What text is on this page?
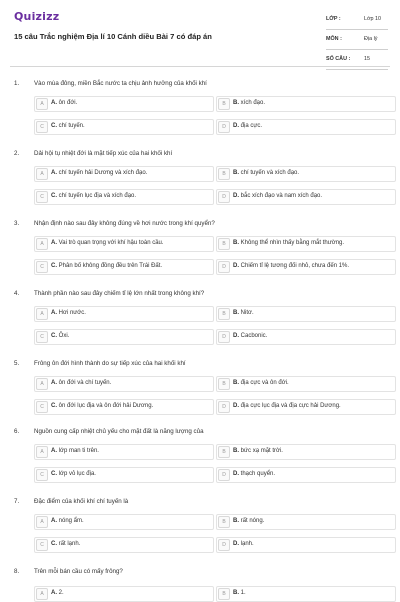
Quizizz
15 câu Trắc nghiệm Địa lí 10 Cánh diều Bài 7 có đáp án
LỚP :	Lớp 10
MÔN :	Địa lý
SỐ CÂU :	15
1. Vào mùa đông, miền Bắc nước ta chịu ảnh hưởng của khối khí
A	A. ôn đới.	B	B. xích đạo.
C	C. chí tuyến.	D	D. địa cực.
2. Dải hội tụ nhiệt đới là mặt tiếp xúc của hai khối khí
A	A. chí tuyến hải Dương và xích đạo.	B	B. chí tuyến và xích đạo.
C	C. chí tuyến lục địa và xích đạo.	D	D. bắc xích đạo và nam xích đạo.
3. Nhận định nào sau đây không đúng về hơi nước trong khí quyển?
A	A. Vai trò quan trọng với khí hậu toàn cầu.	B	B. Không thể nhìn thấy bằng mắt thường.
C	C. Phân bố không đồng đều trên Trái Đất.	D	D. Chiếm tỉ lệ tương đối nhỏ, chưa đến 1%.
4. Thành phần nào sau đây chiếm tỉ lệ lớn nhất trong không khí?
A	A. Hơi nước.	B	B. Nitơ.
C	C. Ôxi.	D	D. Cacbonic.
5. Frông ôn đới hình thành do sự tiếp xúc của hai khối khí
A	A. ôn đới và chí tuyến.	B	B. địa cực và ôn đới.
C	C. ôn đới lục địa và ôn đới hải Dương.	D	D. địa cực lục địa và địa cực hải Dương.
6. Nguồn cung cấp nhiệt chủ yếu cho mặt đất là năng lượng của
A	A. lớp man ti trên.	B	B. bức xạ mặt trời.
C	C. lớp vỏ lục địa.	D	D. thạch quyển.
7. Đặc điểm của khối khí chí tuyến là
A	A. nóng ẩm.	B	B. rất nóng.
C	C. rất lạnh.	D	D. lạnh.
8. Trên mỗi bán cầu có mấy frông?
A	A. 2.	B	B. 1.
